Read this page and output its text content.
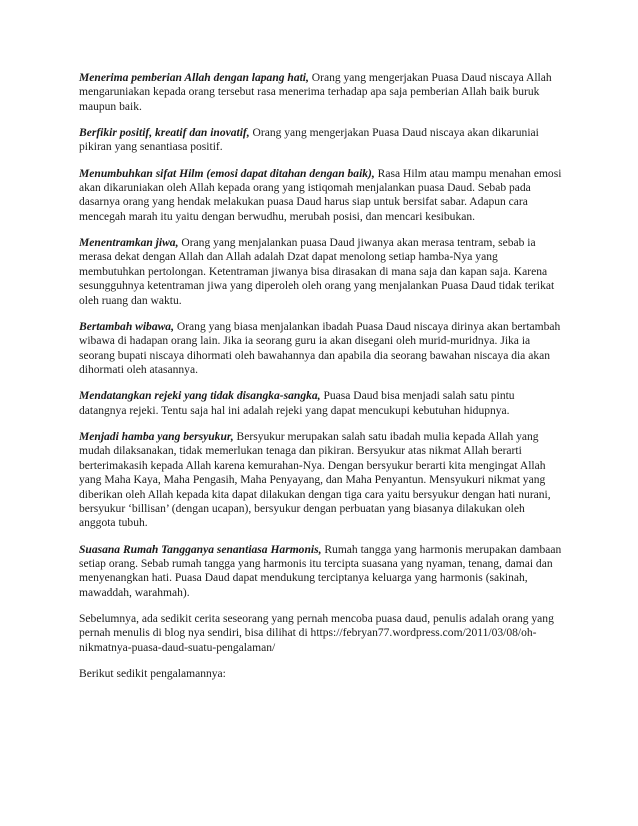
Menerima pemberian Allah dengan lapang hati, Orang yang mengerjakan Puasa Daud niscaya Allah mengaruniakan kepada orang tersebut rasa menerima terhadap apa saja pemberian Allah baik buruk maupun baik.

Berfikir positif, kreatif dan inovatif, Orang yang mengerjakan Puasa Daud niscaya akan dikaruniai pikiran yang senantiasa positif.

Menumbuhkan sifat Hilm (emosi dapat ditahan dengan baik), Rasa Hilm atau mampu menahan emosi akan dikaruniakan oleh Allah kepada orang yang istiqomah menjalankan puasa Daud. Sebab pada dasarnya orang yang hendak melakukan puasa Daud harus siap untuk bersifat sabar. Adapun cara mencegah marah itu yaitu dengan berwudhu, merubah posisi, dan mencari kesibukan.

Menentramkan jiwa, Orang yang menjalankan puasa Daud jiwanya akan merasa tentram, sebab ia merasa dekat dengan Allah dan Allah adalah Dzat dapat menolong setiap hamba-Nya yang membutuhkan pertolongan. Ketentraman jiwanya bisa dirasakan di mana saja dan kapan saja. Karena sesungguhnya ketentraman jiwa yang diperoleh oleh orang yang menjalankan Puasa Daud tidak terikat oleh ruang dan waktu.

Bertambah wibawa, Orang yang biasa menjalankan ibadah Puasa Daud niscaya dirinya akan bertambah wibawa di hadapan orang lain. Jika ia seorang guru ia akan disegani oleh murid-muridnya. Jika ia seorang bupati niscaya dihormati oleh bawahannya dan apabila dia seorang bawahan niscaya dia akan dihormati oleh atasannya.

Mendatangkan rejeki yang tidak disangka-sangka, Puasa Daud bisa menjadi salah satu pintu datangnya rejeki. Tentu saja hal ini adalah rejeki yang dapat mencukupi kebutuhan hidupnya.

Menjadi hamba yang bersyukur, Bersyukur merupakan salah satu ibadah mulia kepada Allah yang mudah dilaksanakan, tidak memerlukan tenaga dan pikiran. Bersyukur atas nikmat Allah berarti berterimakasih kepada Allah karena kemurahan-Nya. Dengan bersyukur berarti kita mengingat Allah yang Maha Kaya, Maha Pengasih, Maha Penyayang, dan Maha Penyantun. Mensyukuri nikmat yang diberikan oleh Allah kepada kita dapat dilakukan dengan tiga cara yaitu bersyukur dengan hati nurani, bersyukur ‘billisan’ (dengan ucapan), bersyukur dengan perbuatan yang biasanya dilakukan oleh anggota tubuh.

Suasana Rumah Tangganya senantiasa Harmonis, Rumah tangga yang harmonis merupakan dambaan setiap orang. Sebab rumah tangga yang harmonis itu tercipta suasana yang nyaman, tenang, damai dan menyenangkan hati. Puasa Daud dapat mendukung terciptanya keluarga yang harmonis (sakinah, mawaddah, warahmah).

Sebelumnya, ada sedikit cerita seseorang yang pernah mencoba puasa daud, penulis adalah orang yang pernah menulis di blog nya sendiri, bisa dilihat di https://febryan77.wordpress.com/2011/03/08/oh-nikmatnya-puasa-daud-suatu-pengalaman/

Berikut sedikit pengalamannya:
